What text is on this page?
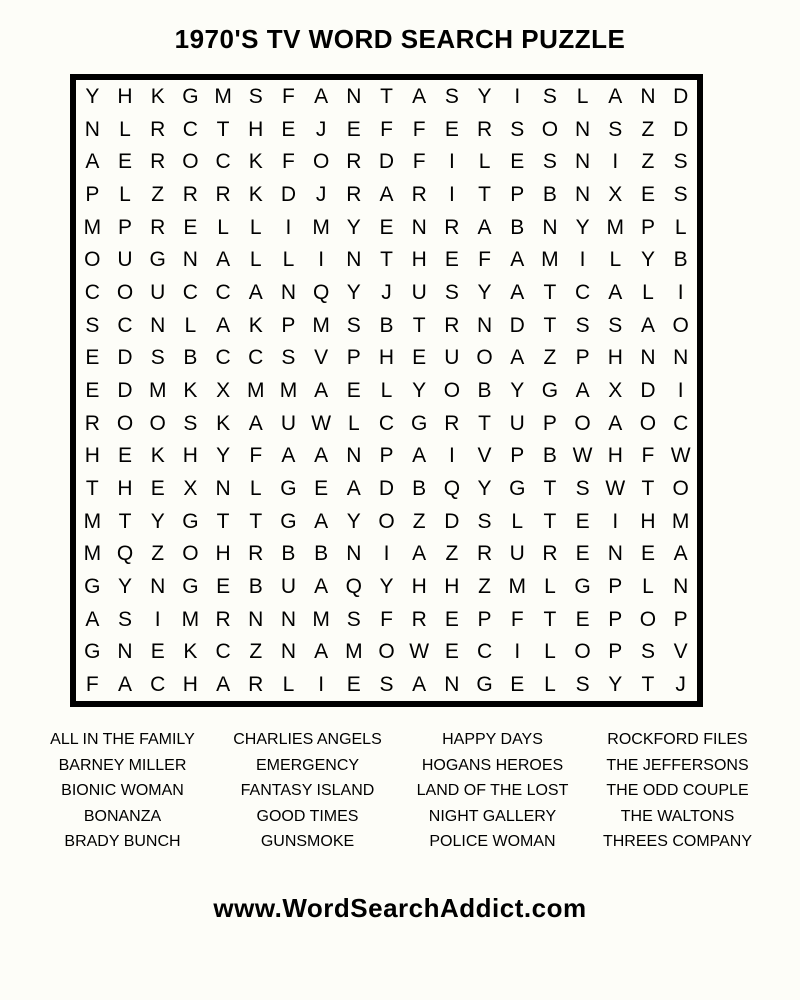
1970'S TV WORD SEARCH PUZZLE
Y H K G M S F A N T A S Y	I	S L A N D
N L R C T H E J E F F E R S O N S Z D
A E R O C K F O R D F	I	L E S N	I	Z S
P L Z R R K D J R A R	I	T P B N X E S
M P R E L	L	I	M Y E N R A B N Y M P L
O U G N A L	L	I	N T H E F A M	I	L Y B
C O U C C A N Q Y J U S Y A T C A L	I
S C N L A K P M S B T R N D T S S A O
E D S B C C S V P H E U O A Z P H N N
E D M K X M M A E L Y O B Y G A X D	I
R O O S K A U W L C G R T U P O A O C
H E K H Y F A A N P A	I	V P B W H F W
T H E X N L G E A D B Q Y G T S W T O
M T Y G T T G A Y O Z D S L T E	I	H M
M Q Z O H R B B N	I	A Z R U R E N E A
G Y N G E B U A Q Y H H Z M L G P L N
A S	I	M R N N M S F R E P F T E P O P
G N E K C Z N A M O W E C	I	L O P S V
F A C H A R L	I	E S A N G E L S Y T	J
ALL IN THE FAMILY
BARNEY MILLER
BIONIC WOMAN
BONANZA
BRADY BUNCH
CHARLIES ANGELS
EMERGENCY
FANTASY ISLAND
GOOD TIMES
GUNSMOKE
HAPPY DAYS
HOGANS HEROES
LAND OF THE LOST
NIGHT GALLERY
POLICE WOMAN
ROCKFORD FILES
THE JEFFERSONS
THE ODD COUPLE
THE WALTONS
THREES COMPANY
www.WordSearchAddict.com
